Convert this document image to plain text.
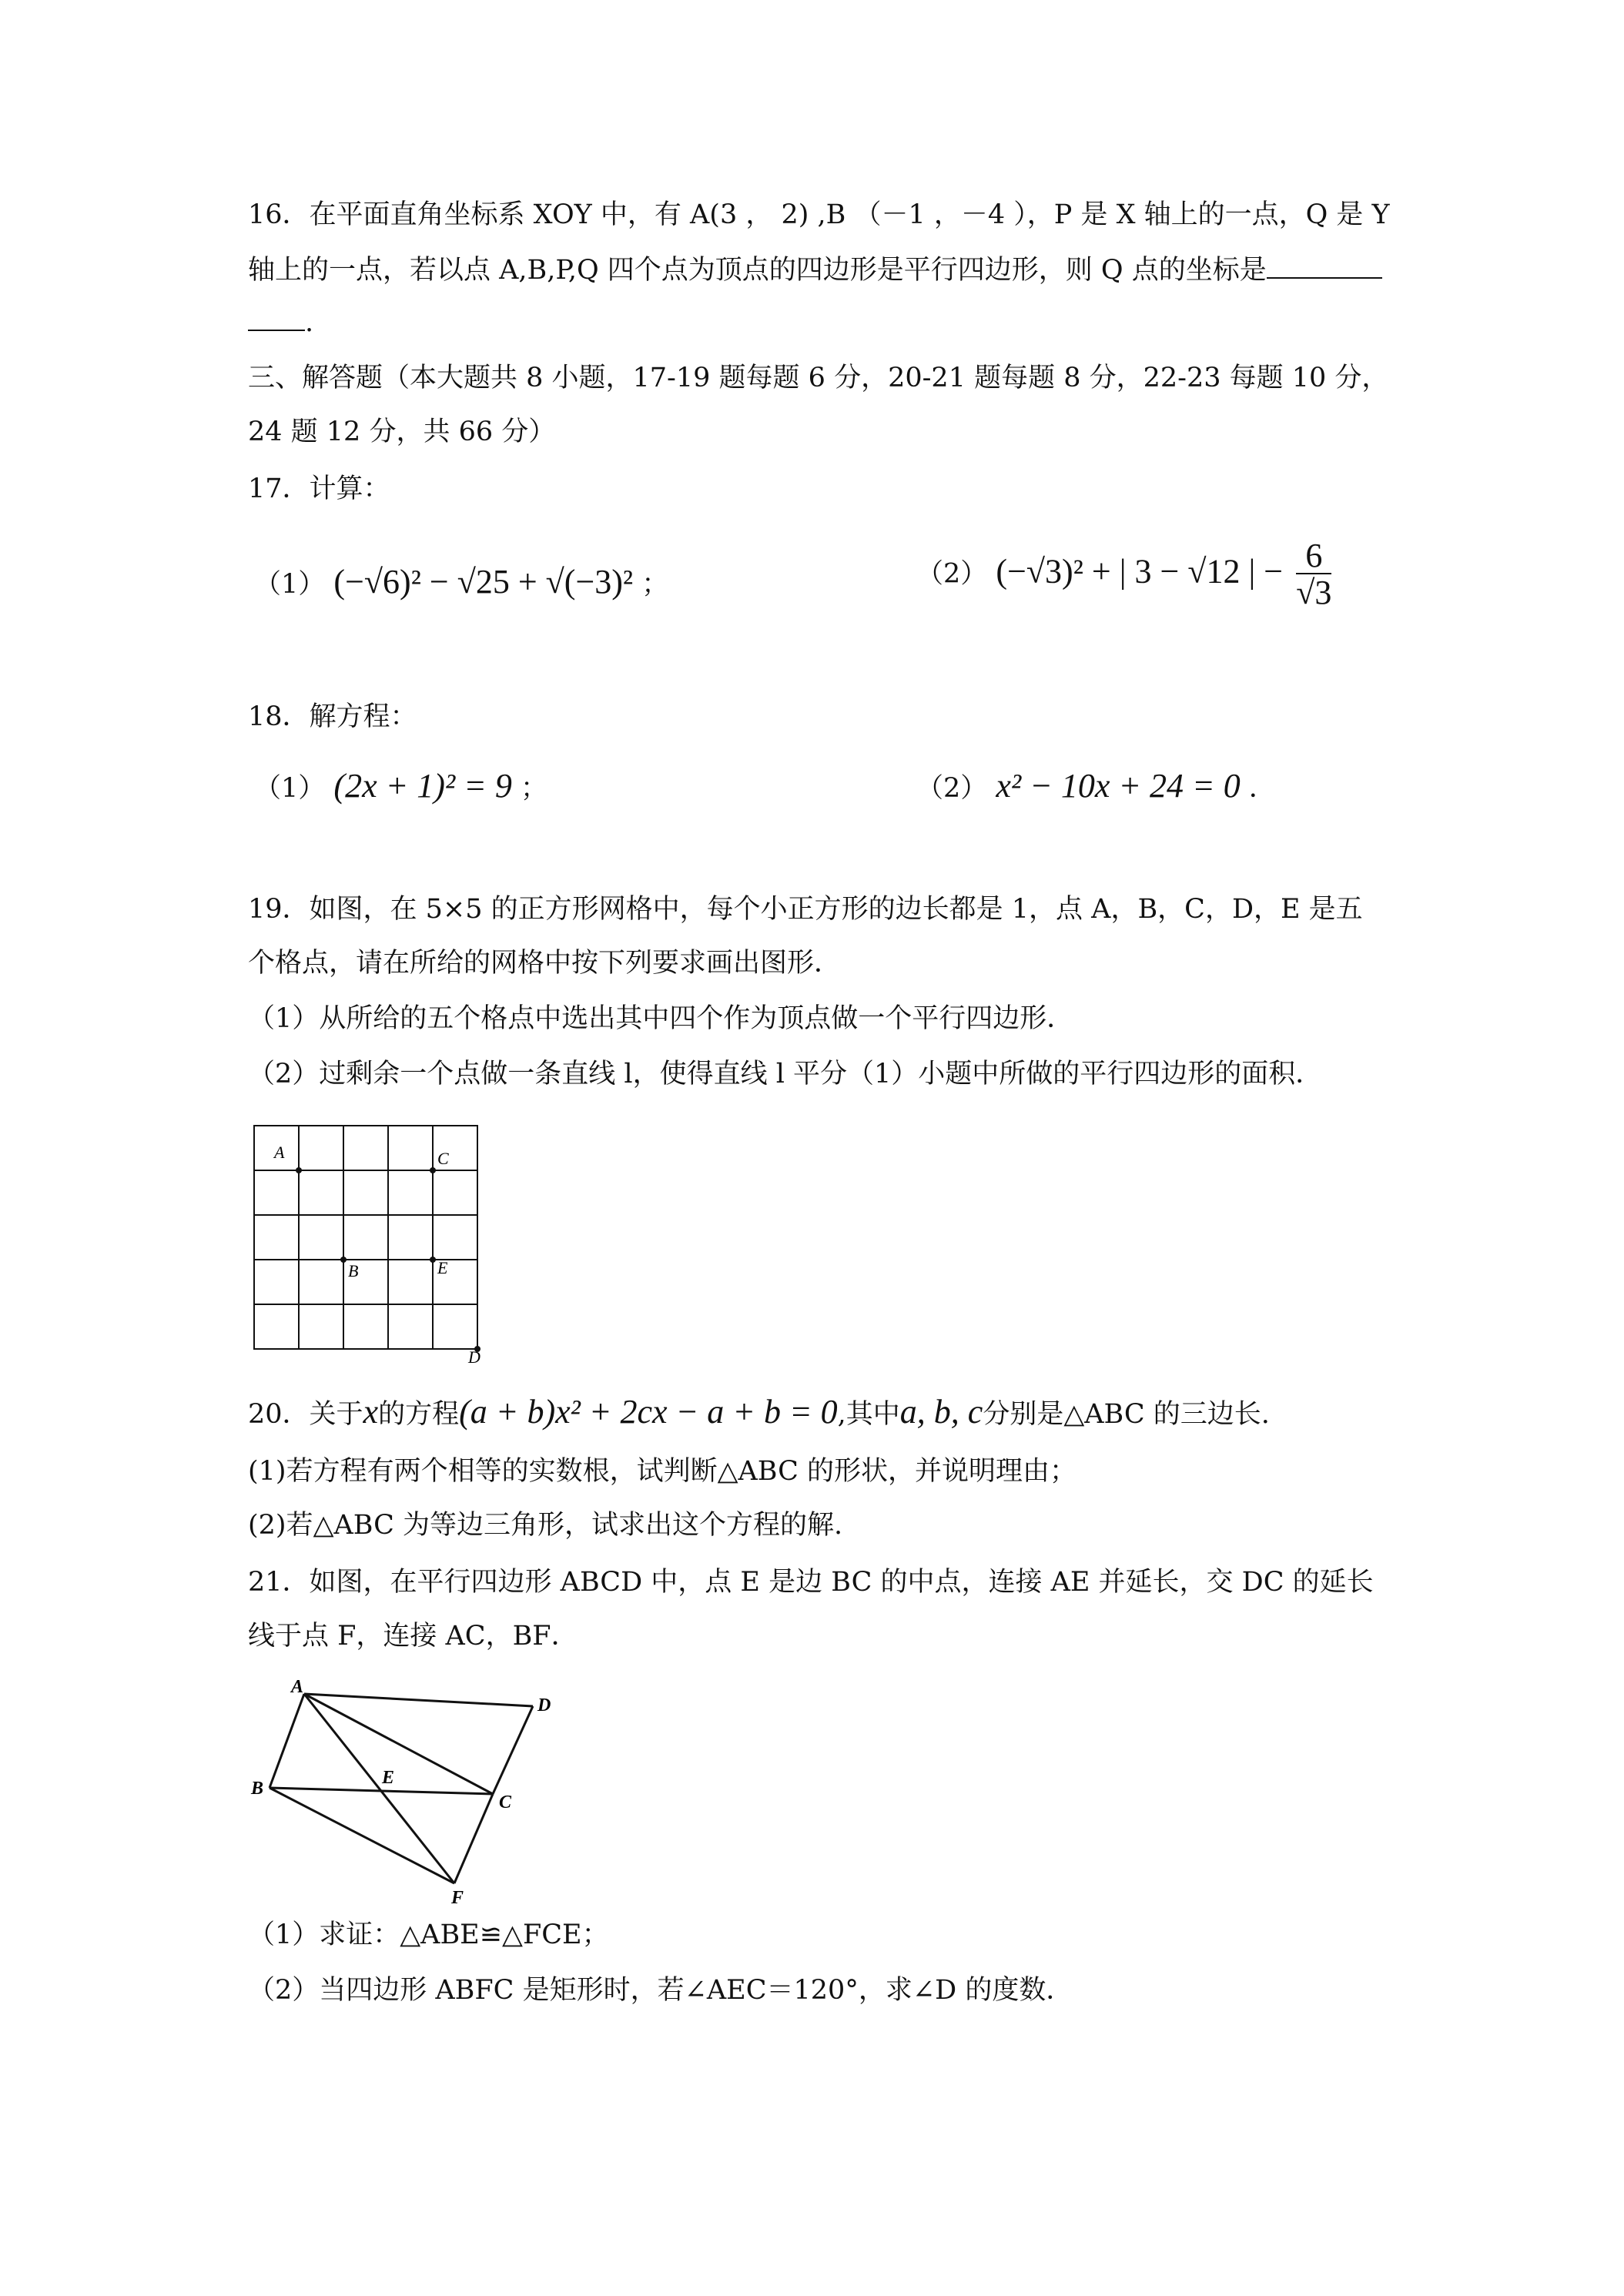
16．在平面直角坐标系 XOY 中，有 A(3 ， 2) ,B （－1 ，－4 ），P 是 X 轴上的一点，Q 是 Y
轴上的一点，若以点 A,B,P,Q 四个点为顶点的四边形是平行四边形，则 Q 点的坐标是
.
三、解答题（本大题共 8 小题，17-19 题每题 6 分，20-21 题每题 8 分，22-23 每题 10 分，
24 题 12 分，共 66 分）
17．计算：
（1） (−√6)² − √25 + √(−3)² ；	（2） (−√3)² + | 3 − √12 | − $\frac{6}{√3}$
18．解方程：
（1） (2x + 1)² = 9 ；	（2） x² − 10x + 24 = 0 ．
19．如图，在 5×5 的正方形网格中，每个小正方形的边长都是 1，点 A，B，C，D，E 是五
个格点，请在所给的网格中按下列要求画出图形．
（1）从所给的五个格点中选出其中四个作为顶点做一个平行四边形．
（2）过剩余一个点做一条直线 l，使得直线 l 平分（1）小题中所做的平行四边形的面积．
A	C
B	E
D
20．关于x的方程(a + b)x² + 2cx − a + b = 0,其中a, b, c分别是△ABC 的三边长.
(1)若方程有两个相等的实数根，试判断△ABC 的形状，并说明理由；
(2)若△ABC 为等边三角形，试求出这个方程的解.
21．如图，在平行四边形 ABCD 中，点 E 是边 BC 的中点，连接 AE 并延长，交 DC 的延长
线于点 F，连接 AC，BF．
A
D
B
E
C
F
（1）求证：△ABE≌△FCE；
（2）当四边形 ABFC 是矩形时，若∠AEC＝120°，求∠D 的度数．
